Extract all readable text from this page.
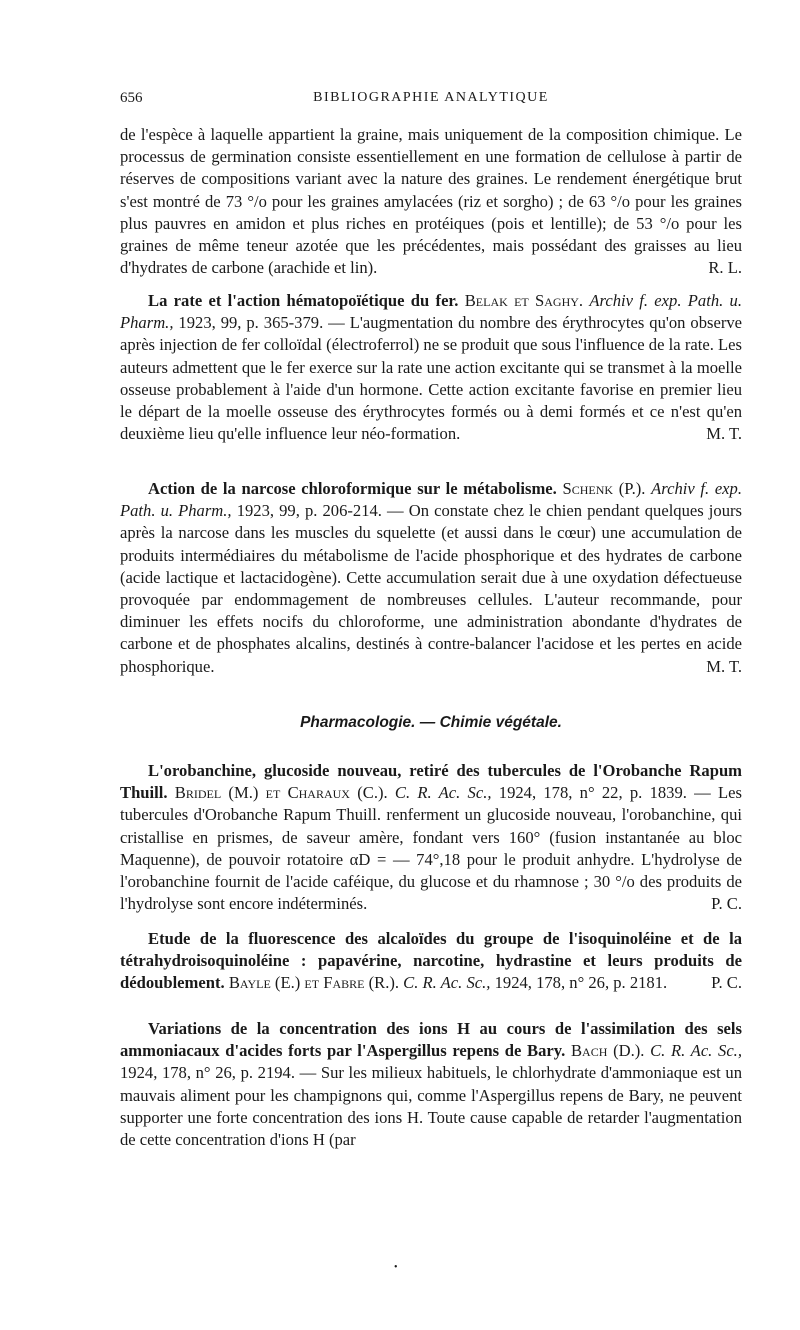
656	BIBLIOGRAPHIE ANALYTIQUE

de l'espèce à laquelle appartient la graine, mais uniquement de la composition chimique. Le processus de germination consiste essentiellement en une formation de cellulose à partir de réserves de compositions variant avec la nature des graines. Le rendement énergétique brut s'est montré de 73 °/o pour les graines amylacées (riz et sorgho) ; de 63 °/o pour les graines plus pauvres en amidon et plus riches en protéiques (pois et lentille); de 53 °/o pour les graines de même teneur azotée que les précédentes, mais possédant des graisses au lieu d'hydrates de carbone (arachide et lin).	R. L.

La rate et l'action hématopoïétique du fer. Belak et Saghy. Archiv f. exp. Path. u. Pharm., 1923, 99, p. 365-379. — L'augmentation du nombre des érythrocytes qu'on observe après injection de fer colloïdal (électroferrol) ne se produit que sous l'influence de la rate. Les auteurs admettent que le fer exerce sur la rate une action excitante qui se transmet à la moelle osseuse probablement à l'aide d'un hormone. Cette action excitante favorise en premier lieu le départ de la moelle osseuse des érythrocytes formés ou à demi formés et ce n'est qu'en deuxième lieu qu'elle influence leur néo-formation.	M. T.

Action de la narcose chloroformique sur le métabolisme. Schenk (P.). Archiv f. exp. Path. u. Pharm., 1923, 99, p. 206-214. — On constate chez le chien pendant quelques jours après la narcose dans les muscles du squelette (et aussi dans le cœur) une accumulation de produits intermédiaires du métabolisme de l'acide phosphorique et des hydrates de carbone (acide lactique et lactacidogène). Cette accumulation serait due à une oxydation défectueuse provoquée par endommagement de nombreuses cellules. L'auteur recommande, pour diminuer les effets nocifs du chloroforme, une administration abondante d'hydrates de carbone et de phosphates alcalins, destinés à contre-balancer l'acidose et les pertes en acide phosphorique.	M. T.

Pharmacologie. — Chimie végétale.

L'orobanchine, glucoside nouveau, retiré des tubercules de l'Orobanche Rapum Thuill. Bridel (M.) et Charaux (C.). C. R. Ac. Sc., 1924, 178, n° 22, p. 1839. — Les tubercules d'Orobanche Rapum Thuill. renferment un glucoside nouveau, l'orobanchine, qui cristallise en prismes, de saveur amère, fondant vers 160° (fusion instantanée au bloc Maquenne), de pouvoir rotatoire αD = — 74°,18 pour le produit anhydre. L'hydrolyse de l'orobanchine fournit de l'acide caféique, du glucose et du rhamnose ; 30 °/o des produits de l'hydrolyse sont encore indéterminés.	P. C.

Etude de la fluorescence des alcaloïdes du groupe de l'isoquinoléine et de la tétrahydroisoquinoléine : papavérine, narcotine, hydrastine et leurs produits de dédoublement. Bayle (E.) et Fabre (R.). C. R. Ac. Sc., 1924, 178, n° 26, p. 2181.	P. C.

Variations de la concentration des ions H au cours de l'assimilation des sels ammoniacaux d'acides forts par l'Aspergillus repens de Bary. Bach (D.). C. R. Ac. Sc., 1924, 178, n° 26, p. 2194. — Sur les milieux habituels, le chlorhydrate d'ammoniaque est un mauvais aliment pour les champignons qui, comme l'Aspergillus repens de Bary, ne peuvent supporter une forte concentration des ions H. Toute cause capable de retarder l'augmentation de cette concentration d'ions H (par

•
